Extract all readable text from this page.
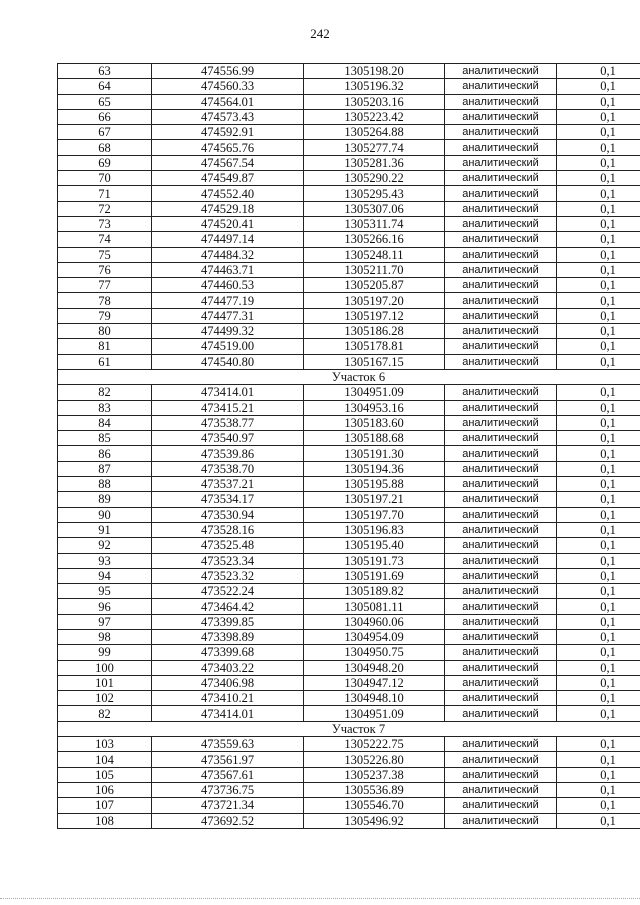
242
63	474556.99	1305198.20	аналитический	0,1
64	474560.33	1305196.32	аналитический	0,1
65	474564.01	1305203.16	аналитический	0,1
66	474573.43	1305223.42	аналитический	0,1
67	474592.91	1305264.88	аналитический	0,1
68	474565.76	1305277.74	аналитический	0,1
69	474567.54	1305281.36	аналитический	0,1
70	474549.87	1305290.22	аналитический	0,1
71	474552.40	1305295.43	аналитический	0,1
72	474529.18	1305307.06	аналитический	0,1
73	474520.41	1305311.74	аналитический	0,1
74	474497.14	1305266.16	аналитический	0,1
75	474484.32	1305248.11	аналитический	0,1
76	474463.71	1305211.70	аналитический	0,1
77	474460.53	1305205.87	аналитический	0,1
78	474477.19	1305197.20	аналитический	0,1
79	474477.31	1305197.12	аналитический	0,1
80	474499.32	1305186.28	аналитический	0,1
81	474519.00	1305178.81	аналитический	0,1
61	474540.80	1305167.15	аналитический	0,1
Участок 6				
82	473414.01	1304951.09	аналитический	0,1
83	473415.21	1304953.16	аналитический	0,1
84	473538.77	1305183.60	аналитический	0,1
85	473540.97	1305188.68	аналитический	0,1
86	473539.86	1305191.30	аналитический	0,1
87	473538.70	1305194.36	аналитический	0,1
88	473537.21	1305195.88	аналитический	0,1
89	473534.17	1305197.21	аналитический	0,1
90	473530.94	1305197.70	аналитический	0,1
91	473528.16	1305196.83	аналитический	0,1
92	473525.48	1305195.40	аналитический	0,1
93	473523.34	1305191.73	аналитический	0,1
94	473523.32	1305191.69	аналитический	0,1
95	473522.24	1305189.82	аналитический	0,1
96	473464.42	1305081.11	аналитический	0,1
97	473399.85	1304960.06	аналитический	0,1
98	473398.89	1304954.09	аналитический	0,1
99	473399.68	1304950.75	аналитический	0,1
100	473403.22	1304948.20	аналитический	0,1
101	473406.98	1304947.12	аналитический	0,1
102	473410.21	1304948.10	аналитический	0,1
82	473414.01	1304951.09	аналитический	0,1
Участок 7				
103	473559.63	1305222.75	аналитический	0,1
104	473561.97	1305226.80	аналитический	0,1
105	473567.61	1305237.38	аналитический	0,1
106	473736.75	1305536.89	аналитический	0,1
107	473721.34	1305546.70	аналитический	0,1
108	473692.52	1305496.92	аналитический	0,1
